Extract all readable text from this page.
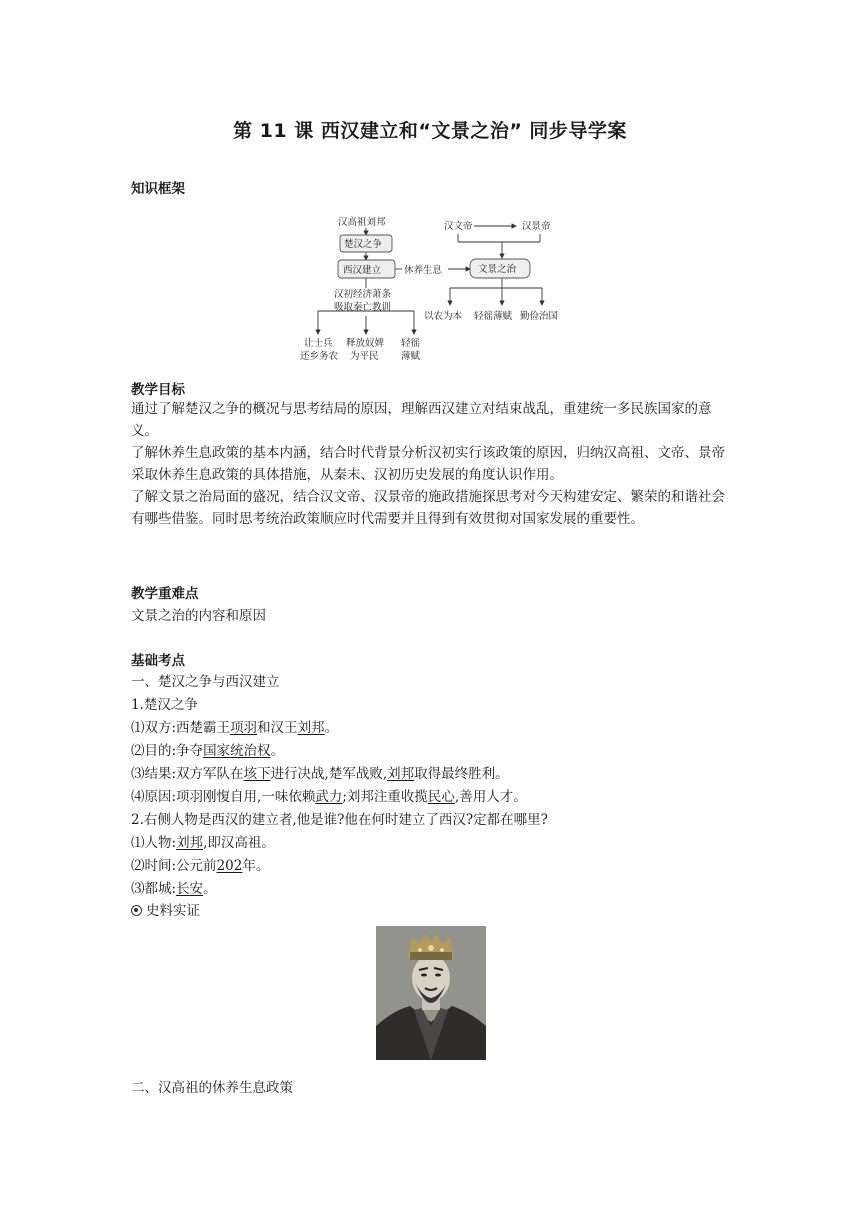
第 11 课 西汉建立和“文景之治” 同步导学案
知识框架
汉高祖刘邦
楚汉之争
西汉建立 休养生息
汉文帝	汉景帝
文景之治
汉初经济萧条
吸取秦亡教训
让士兵
还乡务农
释放奴婢
为平民
轻徭
薄赋
以农为本 轻徭薄赋 勤俭治国
教学目标
通过了解楚汉之争的概况与思考结局的原因，理解西汉建立对结束战乱，重建统一多民族国家的意义。
了解休养生息政策的基本内涵，结合时代背景分析汉初实行该政策的原因，归纳汉高祖、文帝、景帝采取休养生息政策的具体措施，从秦末、汉初历史发展的角度认识作用。
了解文景之治局面的盛况，结合汉文帝、汉景帝的施政措施探思考对今天构建安定、繁荣的和谐社会有哪些借鉴。同时思考统治政策顺应时代需要并且得到有效贯彻对国家发展的重要性。
教学重难点
文景之治的内容和原因
基础考点
一、楚汉之争与西汉建立
1.楚汉之争
⑴双方:西楚霸王项羽和汉王刘邦。
⑵目的:争夺国家统治权。
⑶结果:双方军队在垓下进行决战,楚军战败,刘邦取得最终胜利。
⑷原因:项羽刚愎自用,一味依赖武力;刘邦注重收揽民心,善用人才。
2.右侧人物是西汉的建立者,他是谁?他在何时建立了西汉?定都在哪里?
⑴人物:刘邦,即汉高祖。
⑵时间:公元前202年。
⑶都城:长安。
史料实证
二、汉高祖的休养生息政策
